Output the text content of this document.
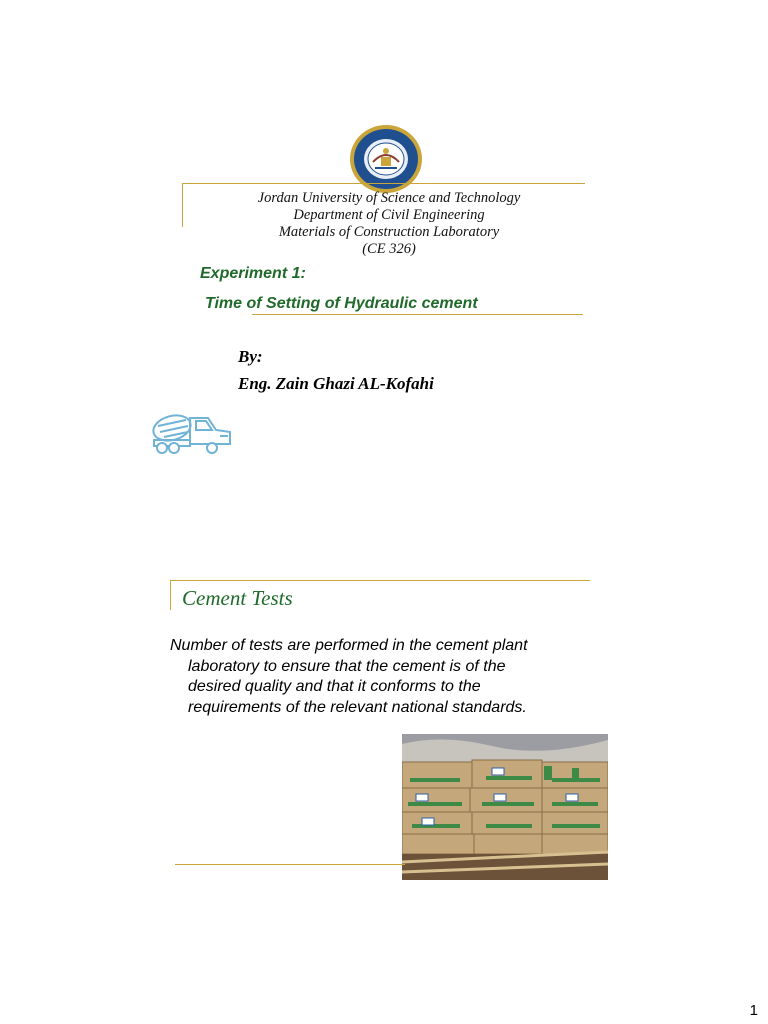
Jordan University of Science and Technology
Department of Civil Engineering
Materials of Construction Laboratory
(CE 326)
Experiment 1:
Time of Setting of Hydraulic cement
By:
Eng. Zain Ghazi AL-Kofahi
Cement Tests
Number of tests are performed in the cement plant
laboratory to ensure that the cement is of the
desired quality and that it conforms to the
requirements of the relevant national standards.
1
